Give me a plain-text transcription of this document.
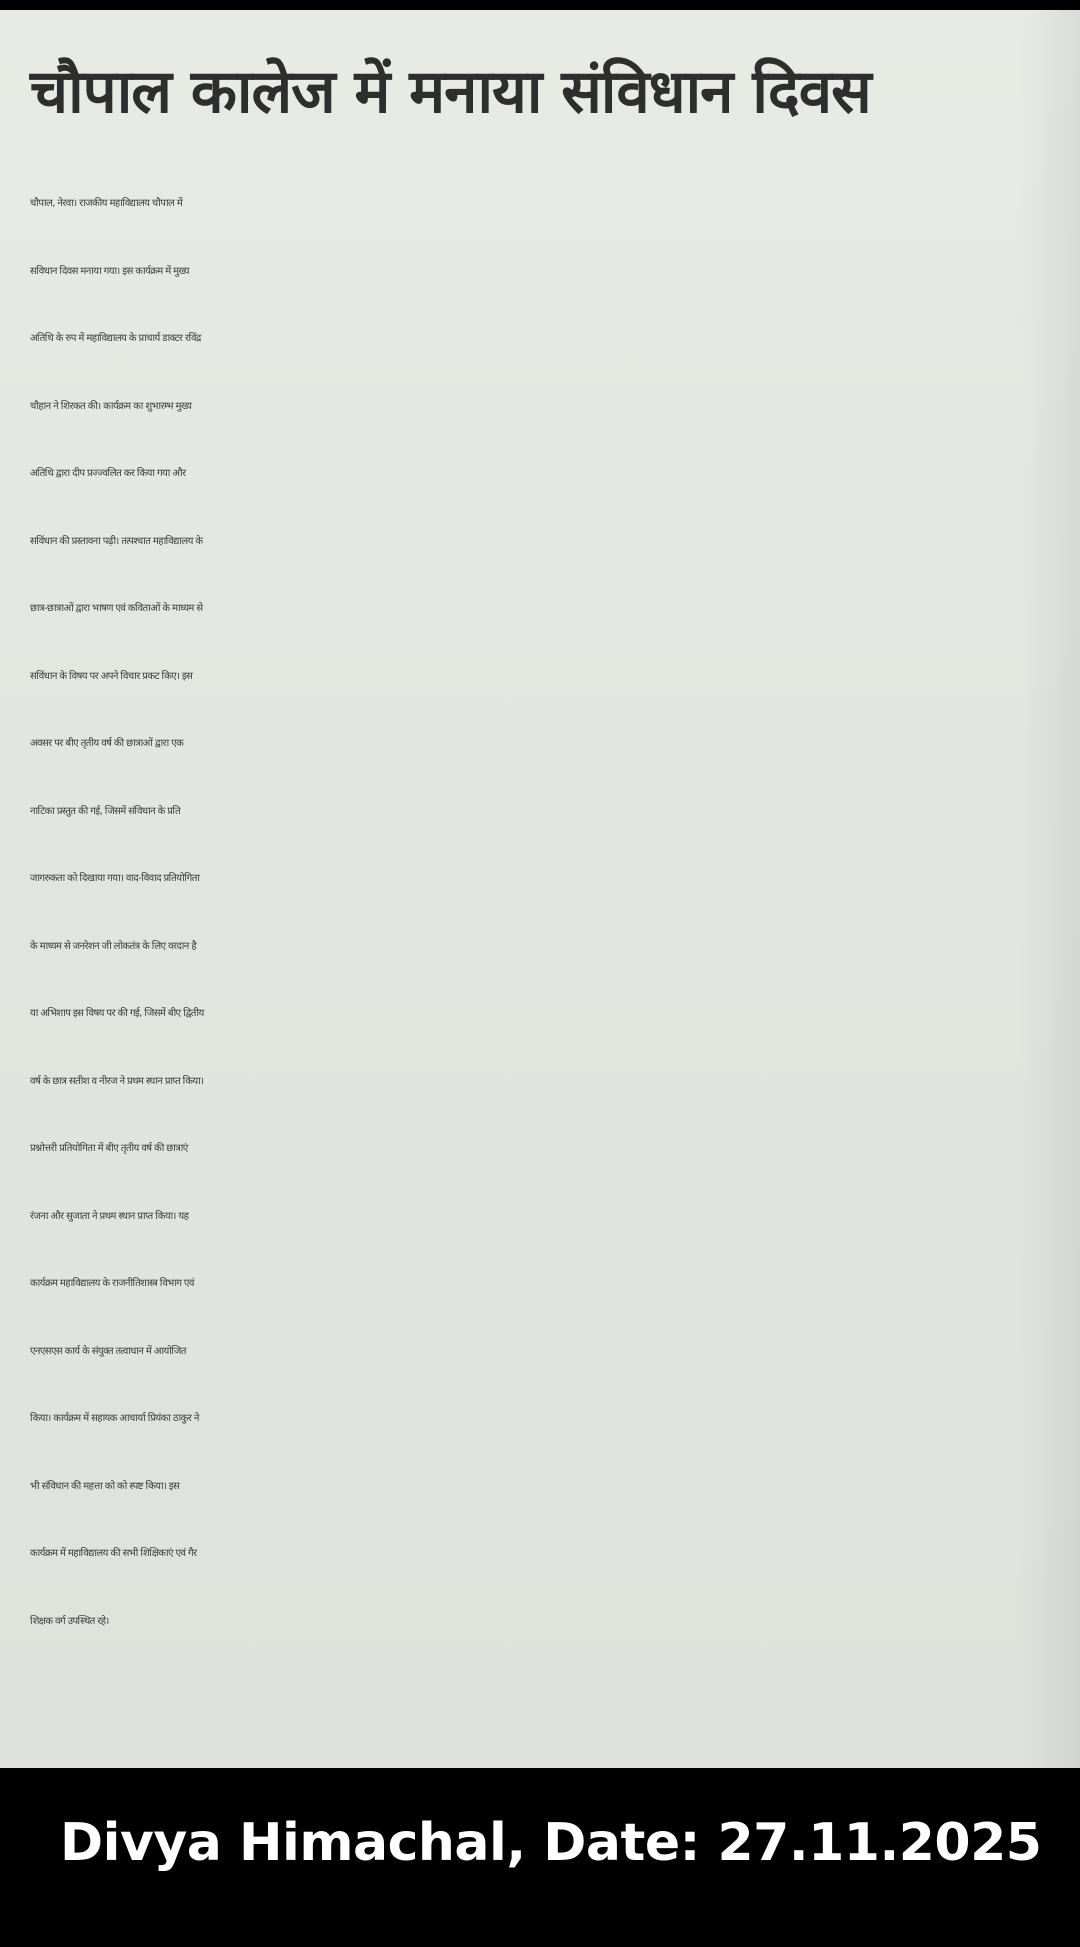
चौपाल कालेज में मनाया संविधान दिवस
चौपाल, नेरवा। राजकीय महाविद्यालय चौपाल में
सविधान दिवस मनाया गया। इस कार्यक्रम में मुख्य
अतिथि के रुप में महाविद्यालय के प्राचार्य डाक्टर रविंद्र
चौहान ने शिरकत की। कार्यक्रम का शुभारम्भ मुख्य
अतिथि द्वारा दीप प्रज्ज्वलित कर किया गया और
सविंधान की प्रस्तावना पढ़ी। तत्पश्चात महाविद्यालय के
छात्र-छात्राओं द्वारा भाषण एवं कविताओं के माध्यम से
सविंधान के विषय पर अपने विचार प्रकट किए। इस
अवसर पर बीए तृतीय वर्ष की छात्राओं द्वारा एक
नाटिका प्रस्तुत की गई, जिसमें संविधान के प्रति
जागरुकता को दिखाया गया। वाद-विवाद प्रतियोगिता
के माध्यम से जनरेशन जी लोकतंत्र के लिए वरदान है
या अभिशाप इस विषय पर की गई, जिसमें बीए द्वितीय
वर्ष के छात्र सतीश व नीरज ने प्रथम स्थान प्राप्त किया।
प्रश्नोत्तरी प्रतियोगिता में बीए तृतीय वर्ष की छात्राएं
रंजना और सुजाता ने प्रथम स्थान प्राप्त किया। यह
कार्यक्रम महाविद्यालय के राजनीतिशास्त्र विभाग एवं
एनएसएस कार्य के संयुक्त तत्वाधान में आयोजित
किया। कार्यक्रम में सहायक आचार्या प्रियंका ठाकुर ने
भी संविधान की महत्ता को को स्पष्ट किया। इस
कार्यक्रम में महाविद्यालय की सभी शिक्षिकाएं एवं गैर
शिक्षक वर्ग उपस्थित रहे।
Divya Himachal, Date: 27.11.2025
